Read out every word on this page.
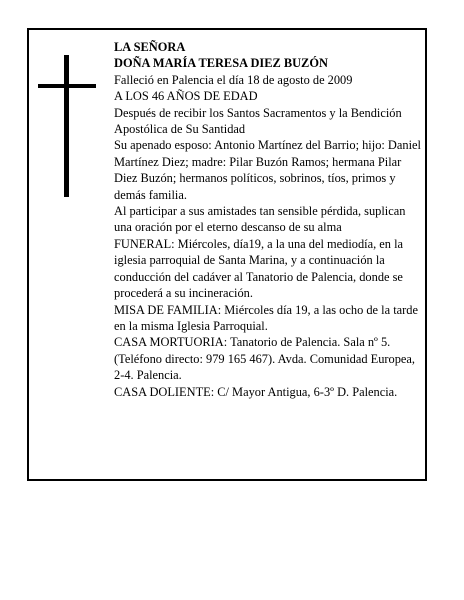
LA SEÑORA

DOÑA MARÍA TERESA DIEZ BUZÓN

Falleció en Palencia el día 18 de agosto de 2009

A LOS 46 AÑOS DE EDAD

Después de recibir los Santos Sacramentos y la Bendición Apostólica de Su Santidad

Su apenado esposo: Antonio Martínez del Barrio; hijo: Daniel Martínez Diez; madre: Pilar Buzón Ramos; hermana Pilar Diez Buzón; hermanos políticos, sobrinos, tíos, primos y demás familia.

Al participar a sus amistades tan sensible pérdida, suplican una oración por el eterno descanso de su alma

FUNERAL: Miércoles, día19, a la una del mediodía, en la iglesia parroquial de Santa Marina, y a continuación la conducción del cadáver al Tanatorio de Palencia, donde se procederá a su incineración.

MISA DE FAMILIA: Miércoles día 19, a las ocho de la tarde en la misma Iglesia Parroquial.

CASA MORTUORIA: Tanatorio de Palencia. Sala nº 5. (Teléfono directo: 979 165 467). Avda. Comunidad Europea, 2-4. Palencia.

CASA DOLIENTE: C/ Mayor Antigua, 6-3º D. Palencia.
